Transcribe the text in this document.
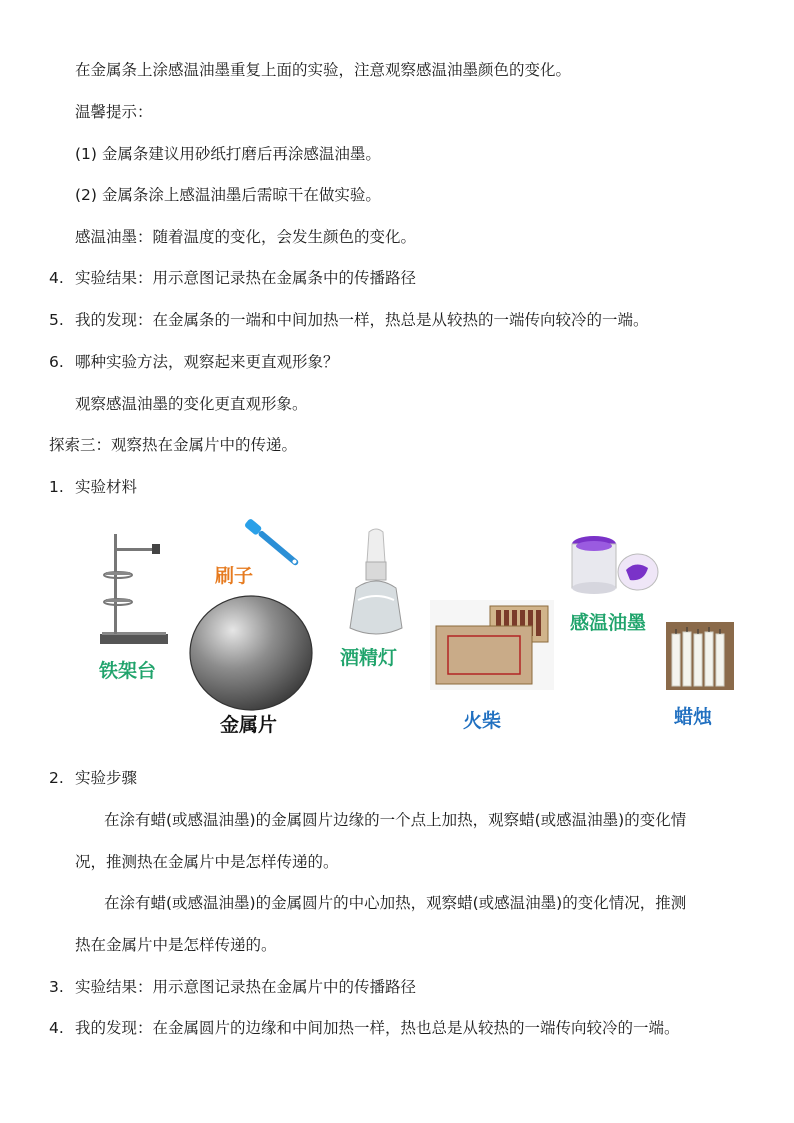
在金属条上涂感温油墨重复上面的实验，注意观察感温油墨颜色的变化。
温馨提示：
(1) 金属条建议用砂纸打磨后再涂感温油墨。
(2) 金属条涂上感温油墨后需晾干在做实验。
感温油墨：随着温度的变化，会发生颜色的变化。
4. 实验结果：用示意图记录热在金属条中的传播路径
5. 我的发现：在金属条的一端和中间加热一样，热总是从较热的一端传向较冷的一端。
6. 哪种实验方法，观察起来更直观形象？
观察感温油墨的变化更直观形象。
探索三：观察热在金属片中的传递。
1. 实验材料
铁架台
刷子
金属片
酒精灯
火柴
感温油墨
蜡烛
2. 实验步骤
在涂有蜡(或感温油墨)的金属圆片边缘的一个点上加热，观察蜡(或感温油墨)的变化情
况，推测热在金属片中是怎样传递的。
在涂有蜡(或感温油墨)的金属圆片的中心加热，观察蜡(或感温油墨)的变化情况，推测
热在金属片中是怎样传递的。
3. 实验结果：用示意图记录热在金属片中的传播路径
4. 我的发现：在金属圆片的边缘和中间加热一样，热也总是从较热的一端传向较冷的一端。
